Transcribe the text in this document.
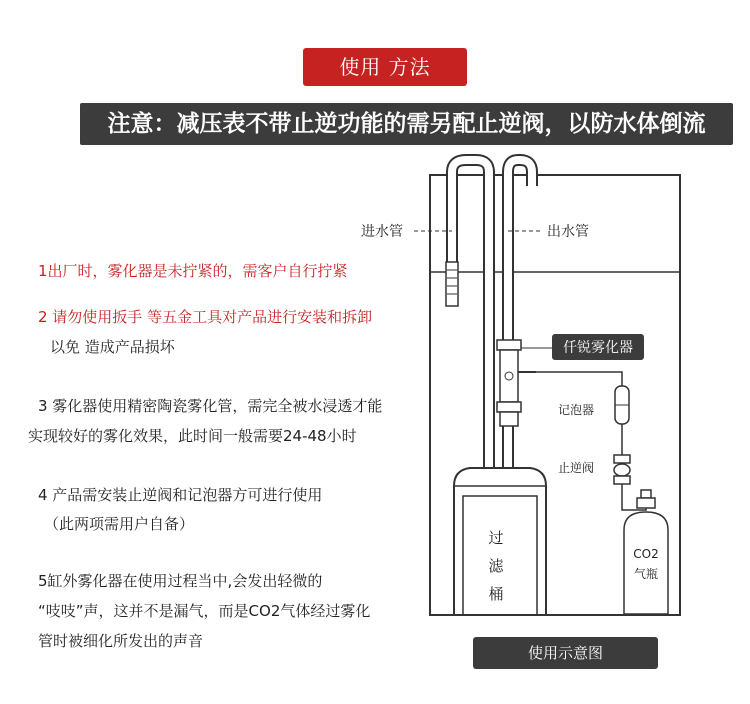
使用 方法
注意：减压表不带止逆功能的需另配止逆阀，以防水体倒流
1出厂时，雾化器是未拧紧的，需客户自行拧紧
2 请勿使用扳手 等五金工具对产品进行安装和拆卸
以免 造成产品损坏
3 雾化器使用精密陶瓷雾化管，需完全被水浸透才能
实现较好的雾化效果，此时间一般需要24-48小时
4 产品需安装止逆阀和记泡器方可进行使用
（此两项需用户自备）
5缸外雾化器在使用过程当中,会发出轻微的
“吱吱”声，这并不是漏气，而是CO2气体经过雾化
管时被细化所发出的声音
进水管	出水管
仟锐雾化器
记泡器
止逆阀
CO2
气瓶
过
滤
桶
使用示意图
